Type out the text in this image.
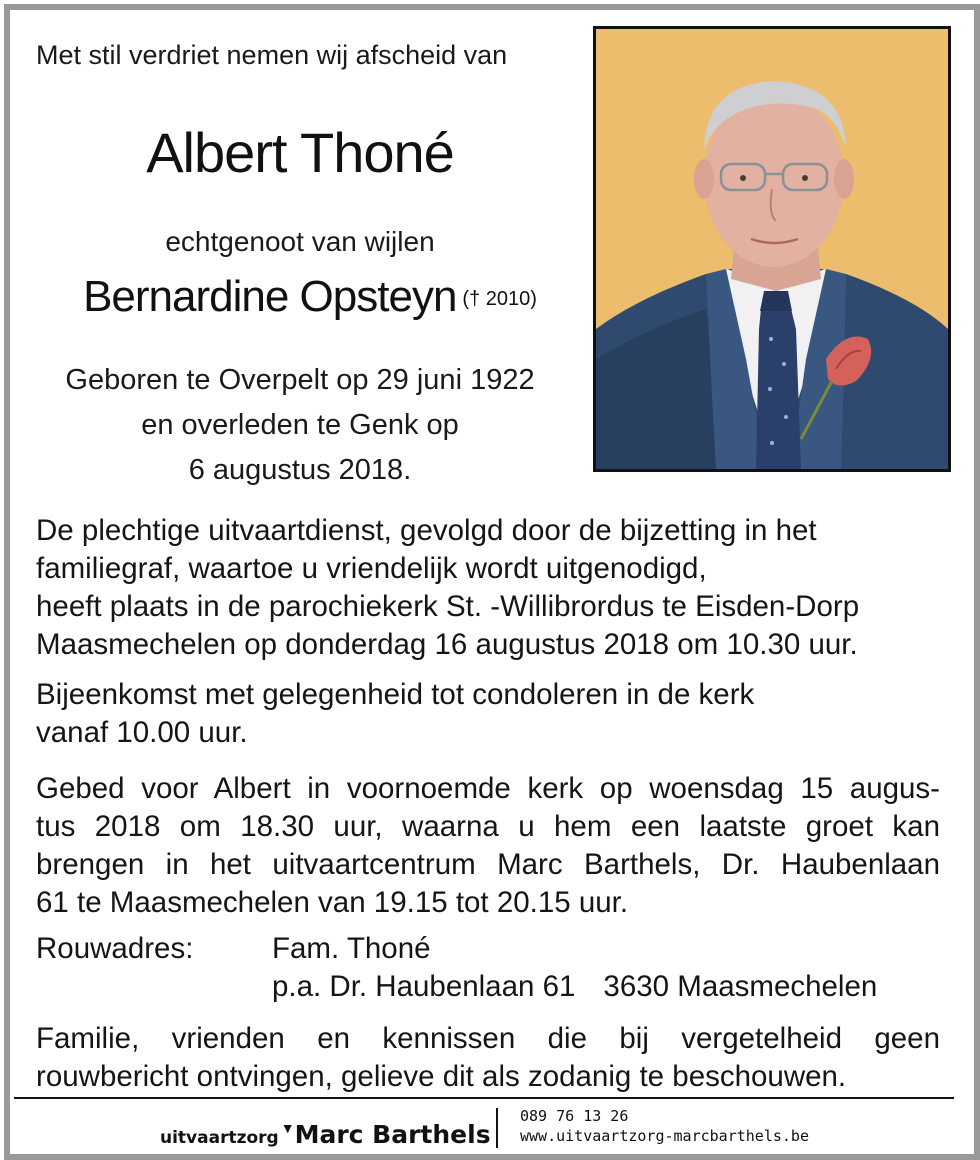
Met stil verdriet nemen wij afscheid van
Albert Thoné
echtgenoot van wijlen
Bernardine Opsteyn († 2010)
Geboren te Overpelt op 29 juni 1922
en overleden te Genk op
6 augustus 2018.
De plechtige uitvaartdienst, gevolgd door de bijzetting in het
familiegraf, waartoe u vriendelijk wordt uitgenodigd,
heeft plaats in de parochiekerk St. -Willibrordus te Eisden-Dorp
Maasmechelen op donderdag 16 augustus 2018 om 10.30 uur.
Bijeenkomst met gelegenheid tot condoleren in de kerk
vanaf 10.00 uur.
Gebed voor Albert in voornoemde kerk op woensdag 15 augus-
tus 2018 om 18.30 uur, waarna u hem een laatste groet kan
brengen in het uitvaartcentrum Marc Barthels, Dr. Haubenlaan
61 te Maasmechelen van 19.15 tot 20.15 uur.
Rouwadres:	Fam. Thoné
p.a. Dr. Haubenlaan 61 3630 Maasmechelen
Familie, vrienden en kennissen die bij vergetelheid geen
rouwbericht ontvingen, gelieve dit als zodanig te beschouwen.
uitvaartzorg ▼Marc Barthels
089 76 13 26
www.uitvaartzorg-marcbarthels.be
